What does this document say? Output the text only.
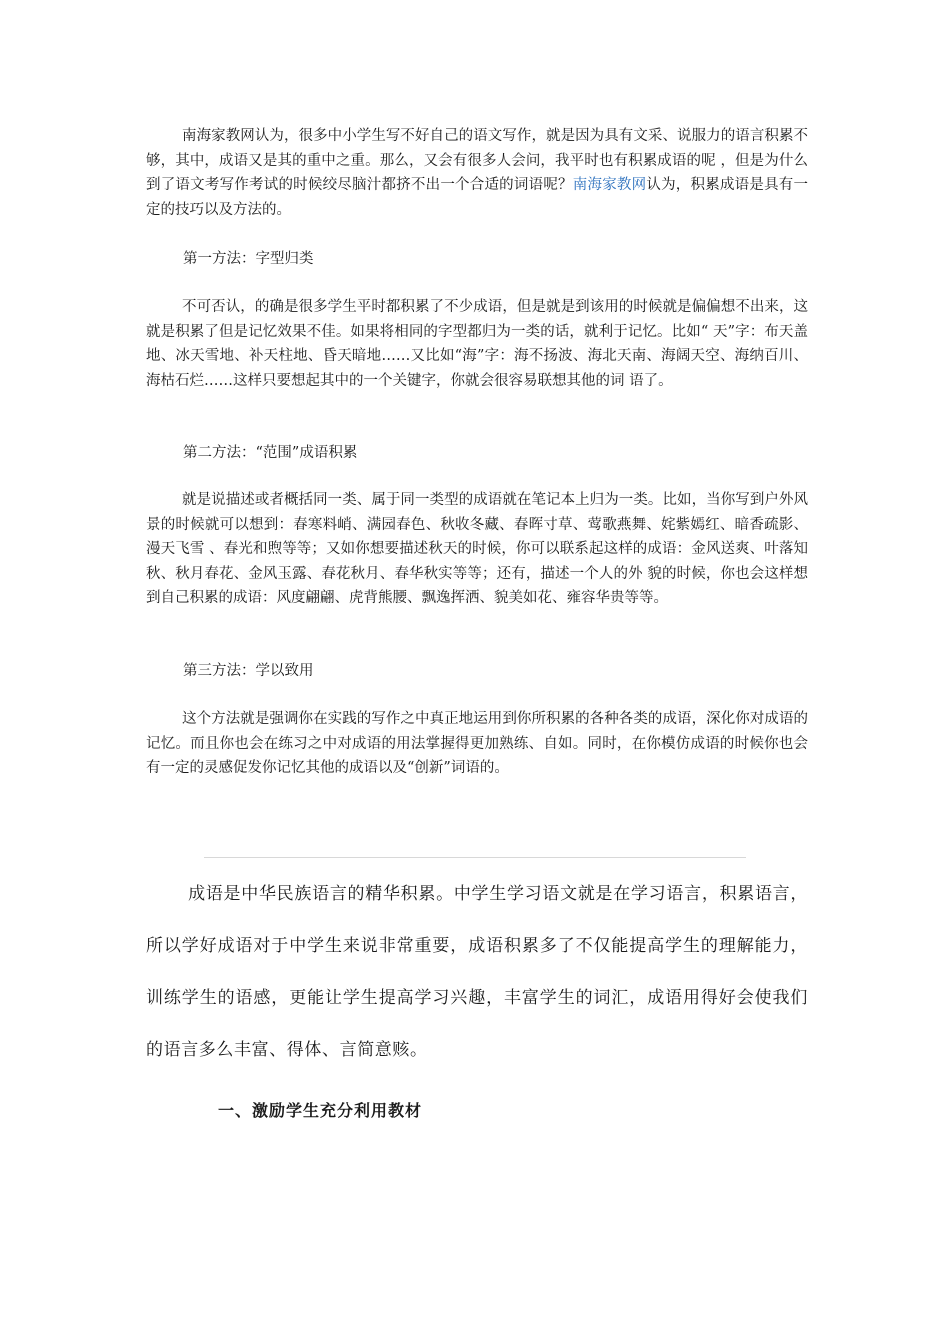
南海家教网认为，很多中小学生写不好自己的语文写作，就是因为具有文采、说服力的语言积累不够，其中，成语又是其的重中之重。那么，又会有很多人会问，我平时也有积累成语的呢 ，但是为什么到了语文考写作考试的时候绞尽脑汁都挤不出一个合适的词语呢？南海家教网认为，积累成语是具有一定的技巧以及方法的。

第一方法：字型归类

不可否认，的确是很多学生平时都积累了不少成语，但是就是到该用的时候就是偏偏想不出来，这就是积累了但是记忆效果不佳。如果将相同的字型都归为一类的话，就利于记忆。比如“ 天”字：布天盖地、冰天雪地、补天柱地、昏天暗地……又比如“海”字：海不扬波、海北天南、海阔天空、海纳百川、海枯石烂……这样只要想起其中的一个关键字，你就会很容易联想其他的词 语了。

第二方法：“范围”成语积累

就是说描述或者概括同一类、属于同一类型的成语就在笔记本上归为一类。比如，当你写到户外风景的时候就可以想到：春寒料峭、满园春色、秋收冬藏、春晖寸草、莺歌燕舞、姹紫嫣红、暗香疏影、漫天飞雪 、春光和煦等等；又如你想要描述秋天的时候，你可以联系起这样的成语：金风送爽、叶落知秋、秋月春花、金风玉露、春花秋月、春华秋实等等；还有，描述一个人的外 貌的时候，你也会这样想到自己积累的成语：风度翩翩、虎背熊腰、飘逸挥洒、貌美如花、雍容华贵等等。

第三方法：学以致用

这个方法就是强调你在实践的写作之中真正地运用到你所积累的各种各类的成语，深化你对成语的记忆。而且你也会在练习之中对成语的用法掌握得更加熟练、自如。同时，在你模仿成语的时候你也会有一定的灵感促发你记忆其他的成语以及“创新”词语的。

成语是中华民族语言的精华积累。中学生学习语文就是在学习语言，积累语言，所以学好成语对于中学生来说非常重要，成语积累多了不仅能提高学生的理解能力，训练学生的语感，更能让学生提高学习兴趣，丰富学生的词汇，成语用得好会使我们的语言多么丰富、得体、言简意赅。

一、激励学生充分利用教材
